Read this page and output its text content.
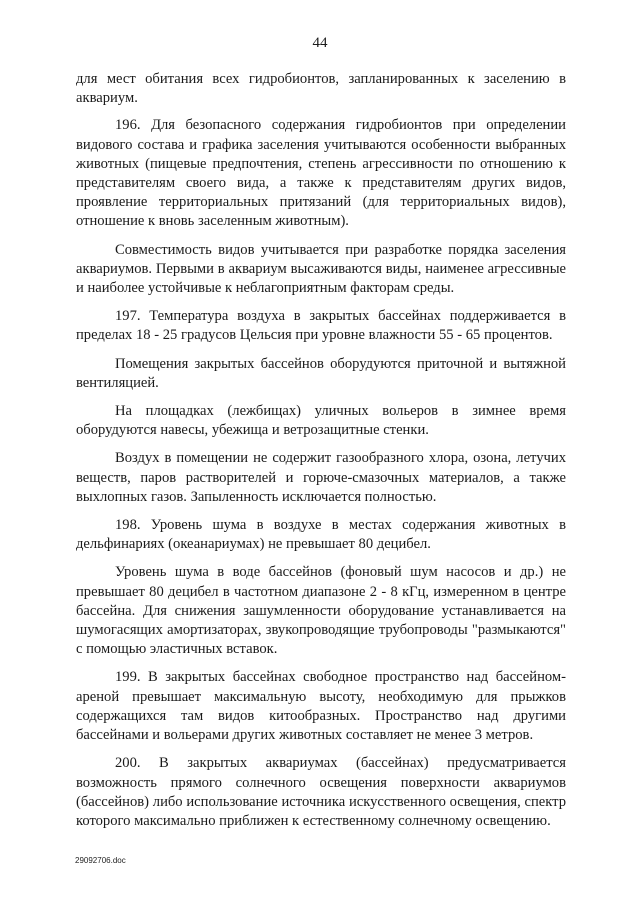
44

для мест обитания всех гидробионтов, запланированных к заселению в аквариум.

196. Для безопасного содержания гидробионтов при определении видового состава и графика заселения учитываются особенности выбранных животных (пищевые предпочтения, степень агрессивности по отношению к представителям своего вида, а также к представителям других видов, проявление территориальных притязаний (для территориальных видов), отношение к вновь заселенным животным).

Совместимость видов учитывается при разработке порядка заселения аквариумов. Первыми в аквариум высаживаются виды, наименее агрессивные и наиболее устойчивые к неблагоприятным факторам среды.

197. Температура воздуха в закрытых бассейнах поддерживается в пределах 18 - 25 градусов Цельсия при уровне влажности 55 - 65 процентов.

Помещения закрытых бассейнов оборудуются приточной и вытяжной вентиляцией.

На площадках (лежбищах) уличных вольеров в зимнее время оборудуются навесы, убежища и ветрозащитные стенки.

Воздух в помещении не содержит газообразного хлора, озона, летучих веществ, паров растворителей и горюче-смазочных материалов, а также выхлопных газов. Запыленность исключается полностью.

198. Уровень шума в воздухе в местах содержания животных в дельфинариях (океанариумах) не превышает 80 децибел.

Уровень шума в воде бассейнов (фоновый шум насосов и др.) не превышает 80 децибел в частотном диапазоне 2 - 8 кГц, измеренном в центре бассейна. Для снижения зашумленности оборудование устанавливается на шумогасящих амортизаторах, звукопроводящие трубопроводы "размыкаются" с помощью эластичных вставок.

199. В закрытых бассейнах свободное пространство над бассейном-ареной превышает максимальную высоту, необходимую для прыжков содержащихся там видов китообразных. Пространство над другими бассейнами и вольерами других животных составляет не менее 3 метров.

200. В закрытых аквариумах (бассейнах) предусматривается возможность прямого солнечного освещения поверхности аквариумов (бассейнов) либо использование источника искусственного освещения, спектр которого максимально приближен к естественному солнечному освещению.

29092706.doc
